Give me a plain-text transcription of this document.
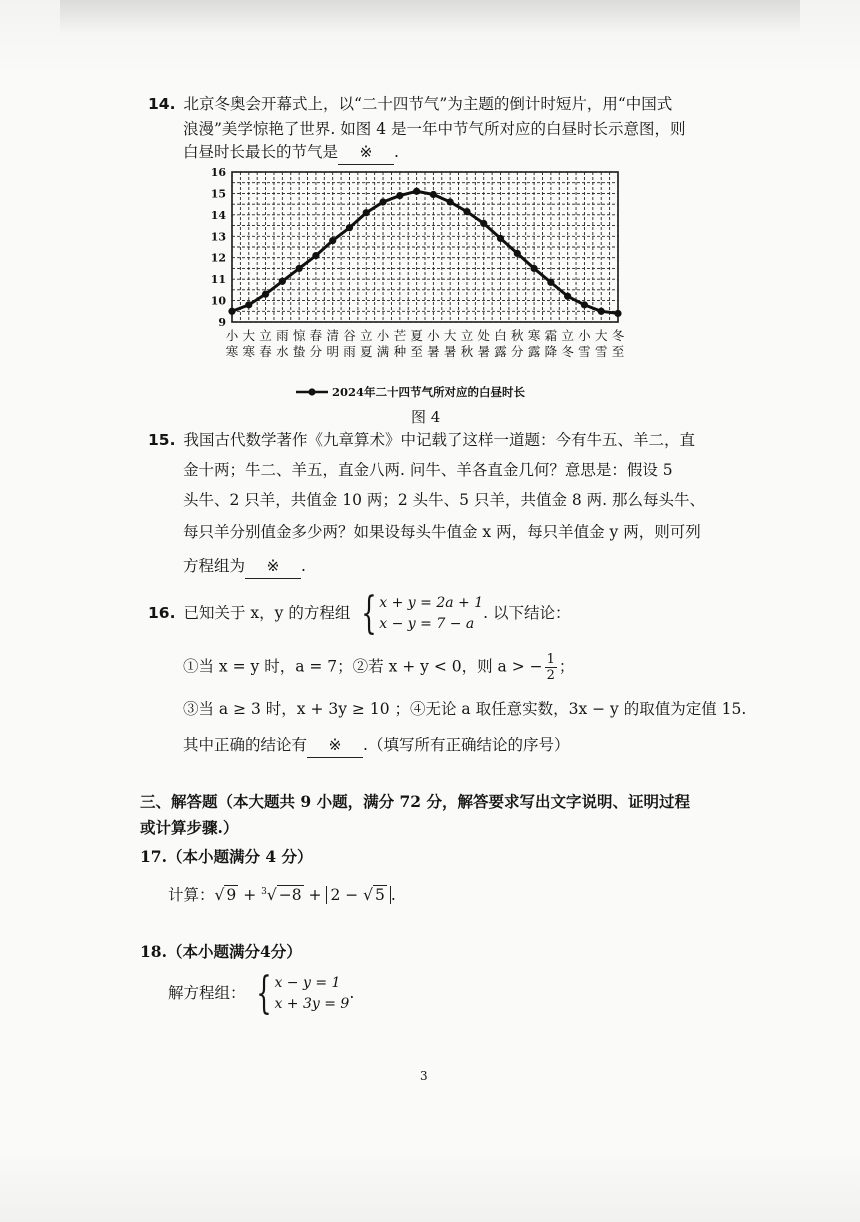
14. 北京冬奥会开幕式上，以“二十四节气”为主题的倒计时短片，用“中国式
浪漫”美学惊艳了世界. 如图 4 是一年中节气所对应的白昼时长示意图，则
白昼时长最长的节气是 ※ .
9
10
11
12
13
14
15
16
小寒
大寒
立春
雨水
惊蛰
春分
清明
谷雨
立夏
小满
芒种
夏至
小暑
大暑
立秋
处暑
白露
秋分
寒露
霜降
立冬
小雪
大雪
冬至
2024年二十四节气所对应的白昼时长
图 4
15. 我国古代数学著作《九章算术》中记载了这样一道题：今有牛五、羊二，直
金十两；牛二、羊五，直金八两. 问牛、羊各直金几何？意思是：假设 5
头牛、2 只羊，共值金 10 两；2 头牛、5 只羊，共值金 8 两. 那么每头牛、
每只羊分别值金多少两？如果设每头牛值金 x 两，每只羊值金 y 两，则可列
方程组为 ※ .
16. 已知关于 x，y 的方程组 { x + y = 2a + 1
x − y = 7 − a
. 以下结论：
①当 x = y 时，a = 7；②若 x + y < 0，则 a > − $\frac{1}{2}$ ；
③当 a ≥ 3 时，x + 3y ≥ 10 ；④无论 a 取任意实数，3x − y 的取值为定值 15.
其中正确的结论有 ※ .（填写所有正确结论的序号）
三、解答题（本大题共 9 小题，满分 72 分，解答要求写出文字说明、证明过程
或计算步骤.）
17.（本小题满分 4 分）
计算：√ 9 + $^3$√ −8 + 2 − √ 5 .
18.（本小题满分4分）
解方程组： { x − y = 1
x + 3y = 9
.
3
